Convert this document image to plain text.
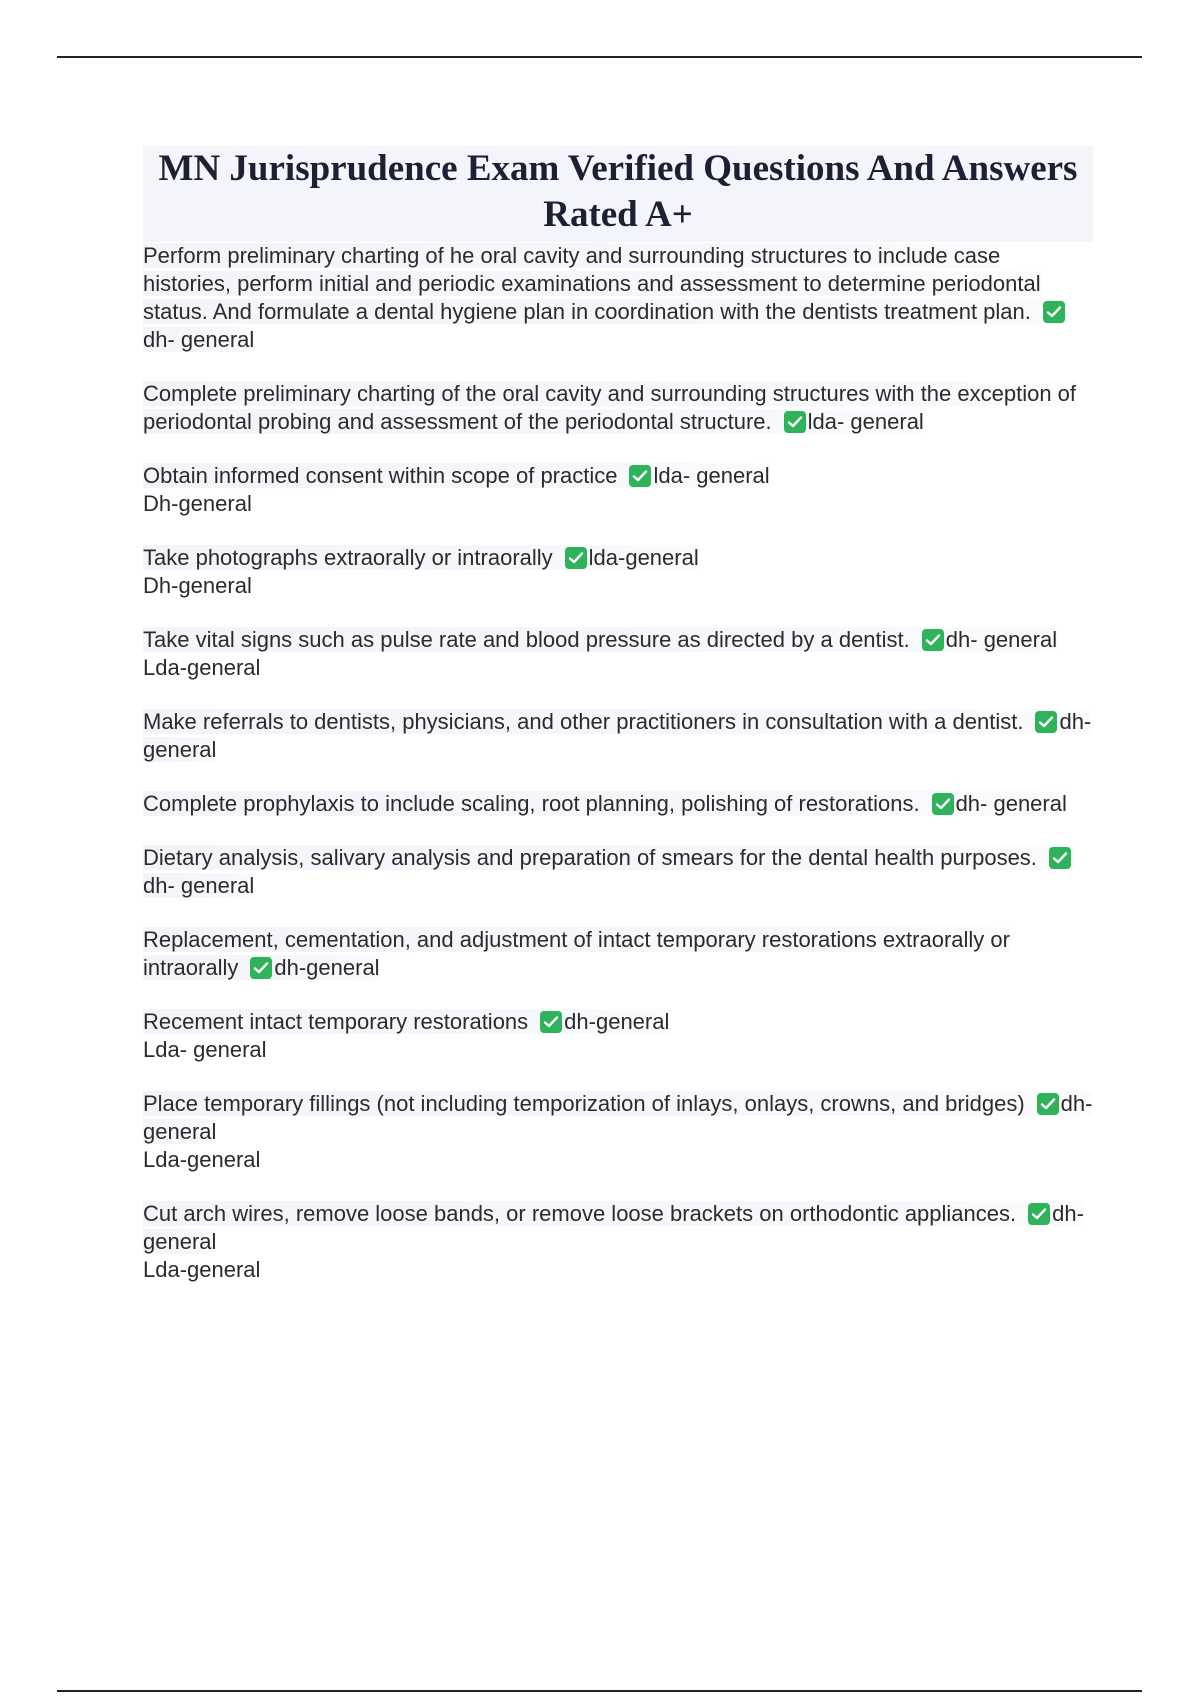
MN Jurisprudence Exam Verified Questions And Answers Rated A+
Perform preliminary charting of he oral cavity and surrounding structures to include case histories, perform initial and periodic examinations and assessment to determine periodontal status. And formulate a dental hygiene plan in coordination with the dentists treatment plan.
dh- general
Complete preliminary charting of the oral cavity and surrounding structures with the exception of periodontal probing and assessment of the periodontal structure. lda- general
Obtain informed consent within scope of practice lda- general
Dh-general
Take photographs extraorally or intraorally lda-general
Dh-general
Take vital signs such as pulse rate and blood pressure as directed by a dentist. dh- general
Lda-general
Make referrals to dentists, physicians, and other practitioners in consultation with a dentist. dh-general
Complete prophylaxis to include scaling, root planning, polishing of restorations. dh- general
Dietary analysis, salivary analysis and preparation of smears for the dental health purposes.
dh- general
Replacement, cementation, and adjustment of intact temporary restorations extraorally or intraorally dh-general
Recement intact temporary restorations dh-general
Lda- general
Place temporary fillings (not including temporization of inlays, onlays, crowns, and bridges) dh-general
Lda-general
Cut arch wires, remove loose bands, or remove loose brackets on orthodontic appliances. dh-general
Lda-general
